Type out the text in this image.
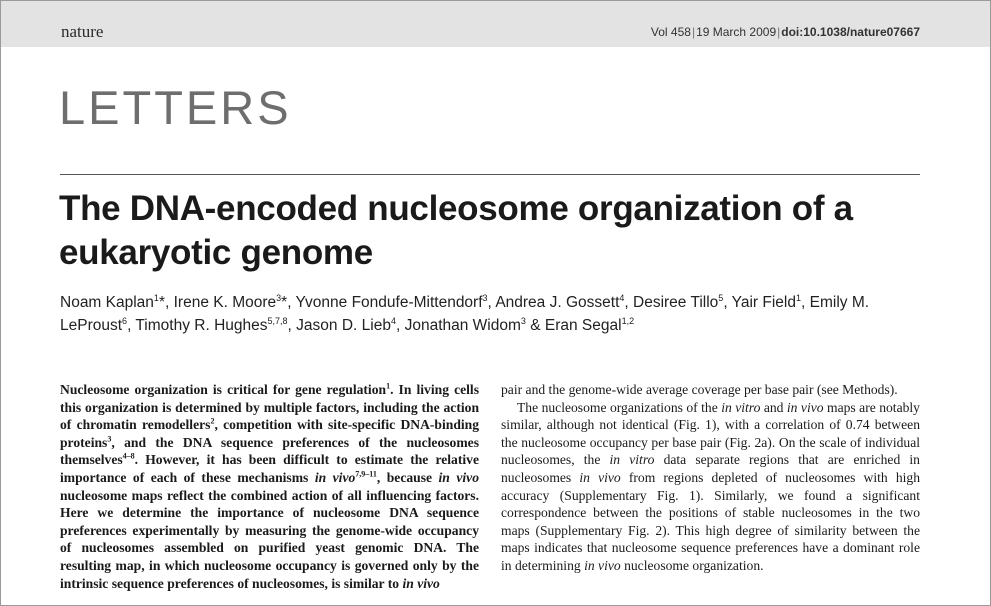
nature	Vol 458|19 March 2009|doi:10.1038/nature07667
LETTERS
The DNA-encoded nucleosome organization of a eukaryotic genome
Noam Kaplan$^1$*, Irene K. Moore$^3$*, Yvonne Fondufe-Mittendorf$^3$, Andrea J. Gossett$^4$, Desiree Tillo$^5$, Yair Field$^1$, Emily M. LeProust$^6$, Timothy R. Hughes$^{5,7,8}$, Jason D. Lieb$^4$, Jonathan Widom$^3$ & Eran Segal$^{1,2}$

Nucleosome organization is critical for gene regulation$^1$. In living cells this organization is determined by multiple factors, including the action of chromatin remodellers$^2$, competition with site-specific DNA-binding proteins$^3$, and the DNA sequence preferences of the nucleosomes themselves$^{4-8}$. However, it has been difficult to estimate the relative importance of each of these mechanisms in vivo$^{7,9-11}$, because in vivo nucleosome maps reflect the combined action of all influencing factors. Here we determine the importance of nucleosome DNA sequence preferences experimentally by measuring the genome-wide occupancy of nucleosomes assembled on purified yeast genomic DNA. The resulting map, in which nucleosome occupancy is governed only by the intrinsic sequence preferences of nucleosomes, is similar to in vivo

pair and the genome-wide average coverage per base pair (see Methods).

The nucleosome organizations of the in vitro and in vivo maps are notably similar, although not identical (Fig. 1), with a correlation of 0.74 between the nucleosome occupancy per base pair (Fig. 2a). On the scale of individual nucleosomes, the in vitro data separate regions that are enriched in nucleosomes in vivo from regions depleted of nucleosomes with high accuracy (Supplementary Fig. 1). Similarly, we found a significant correspondence between the positions of stable nucleosomes in the two maps (Supplementary Fig. 2). This high degree of similarity between the maps indicates that nucleosome sequence preferences have a dominant role in determining in vivo nucleosome organization.
